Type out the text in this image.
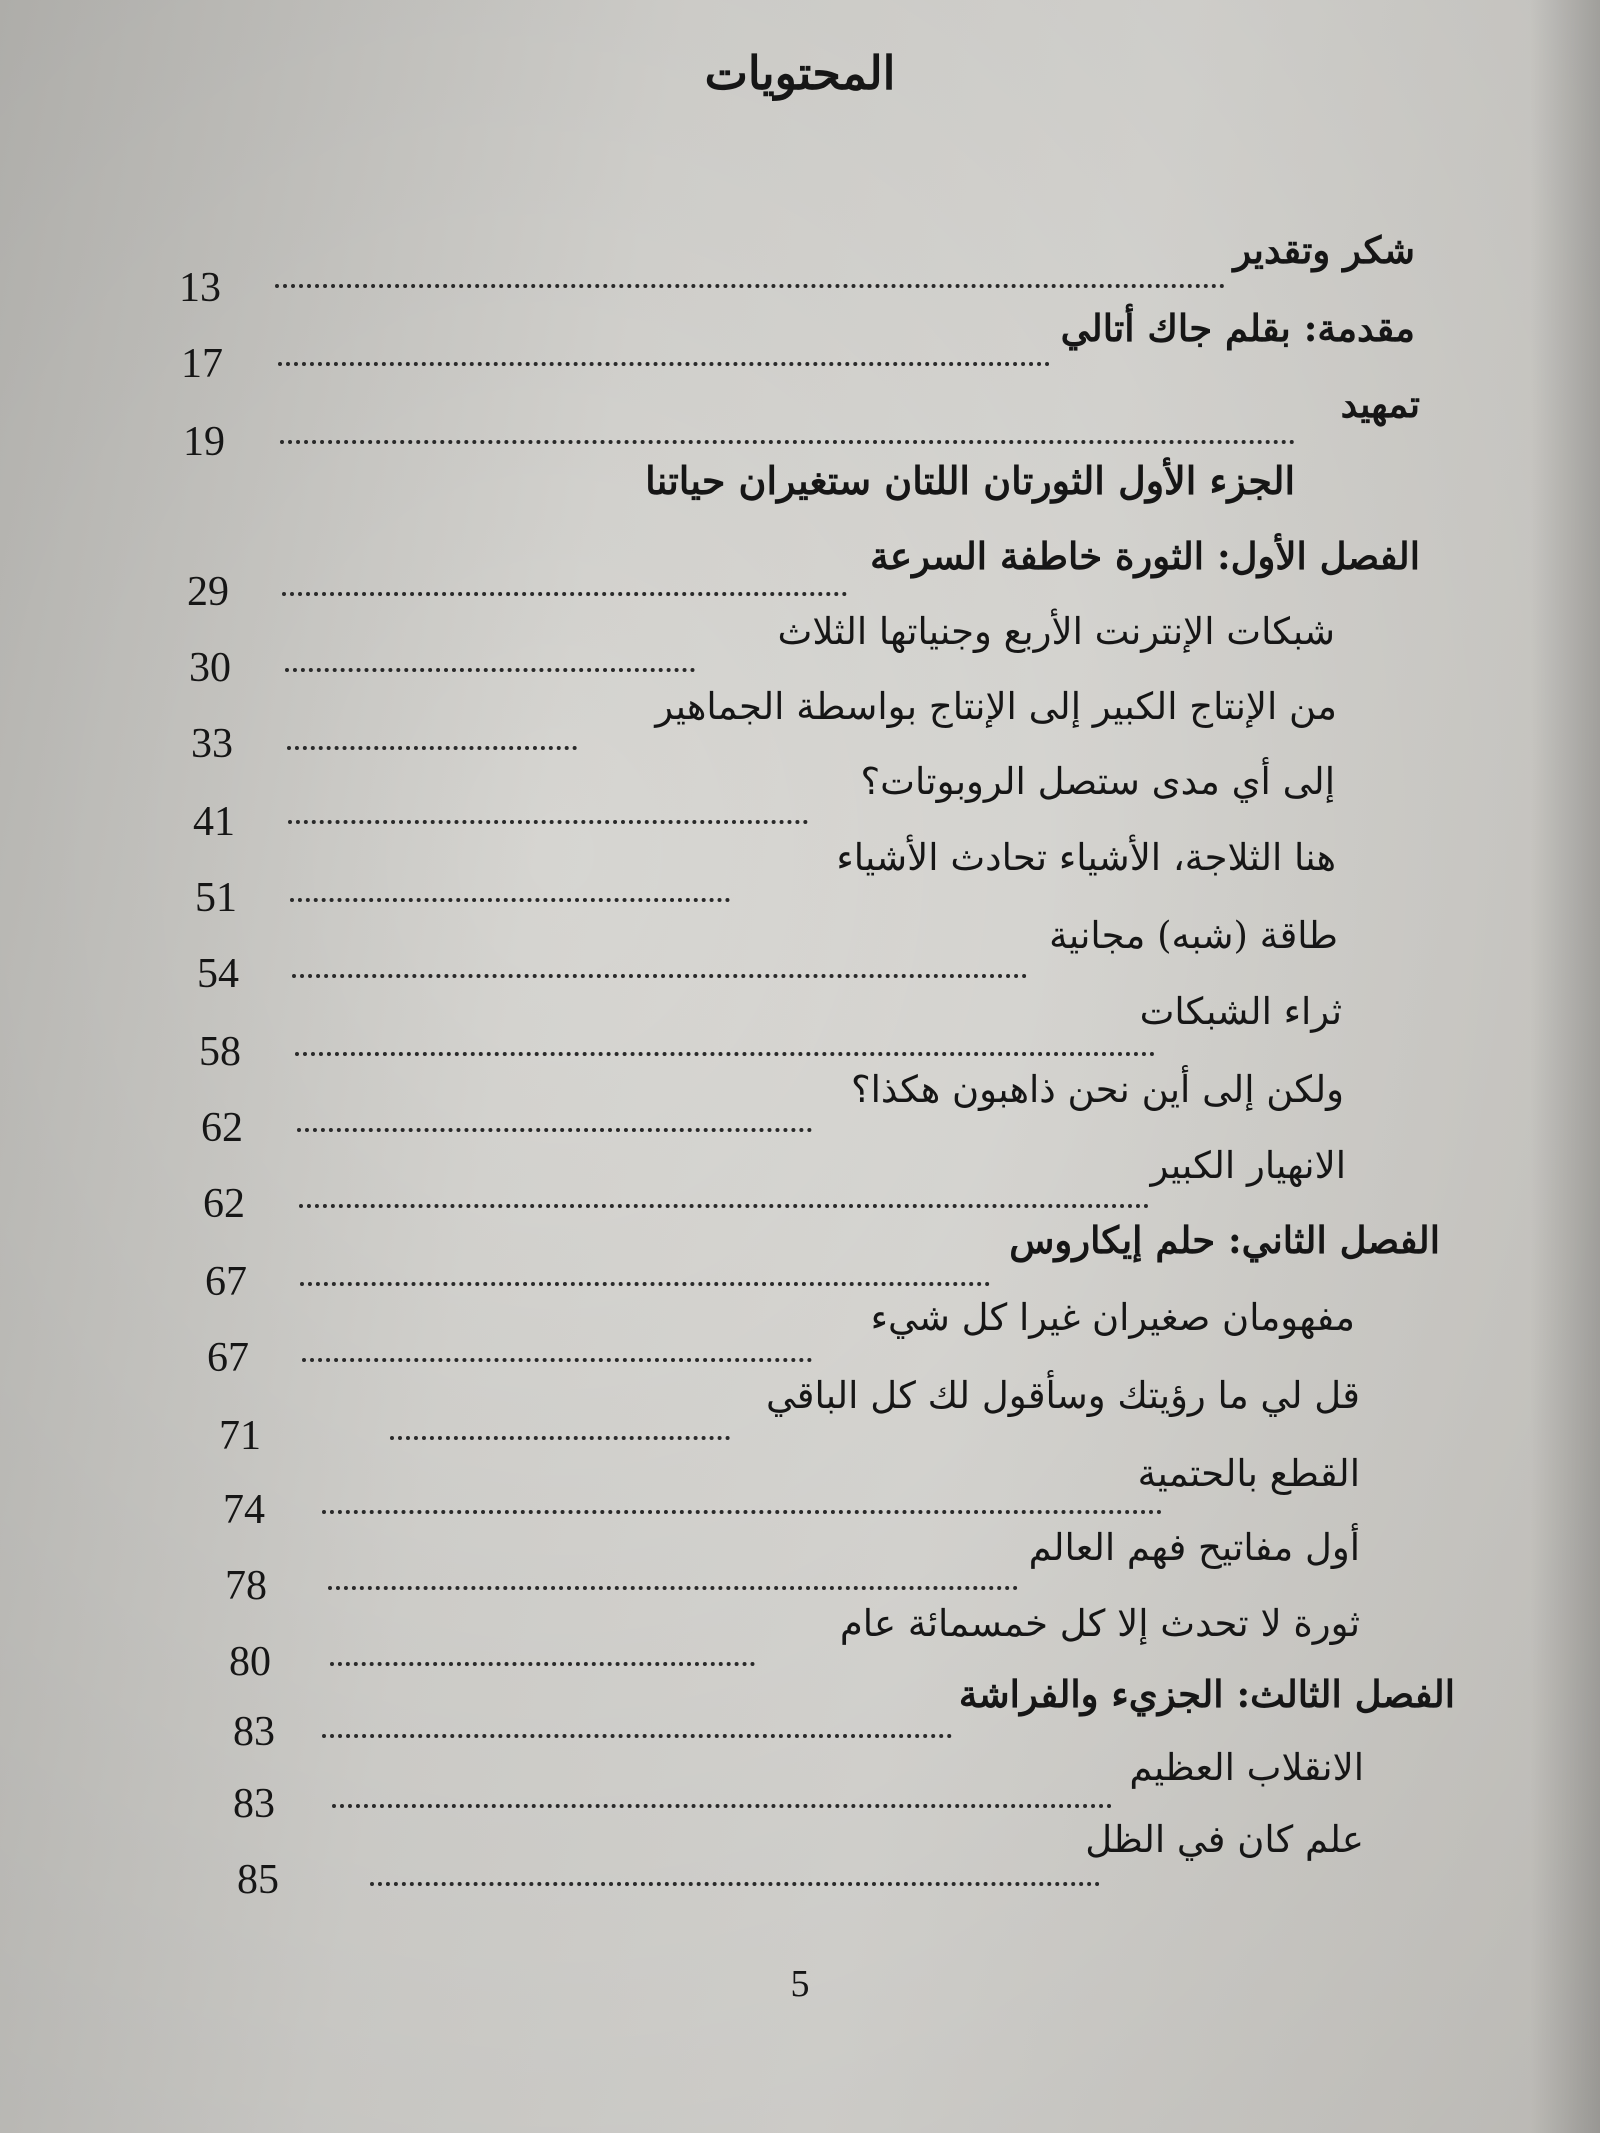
المحتويات
شكر وتقدير
13
مقدمة: بقلم جاك أتالي
17
تمهيد
19
الجزء الأول الثورتان اللتان ستغيران حياتنا
الفصل الأول: الثورة خاطفة السرعة
29
شبكات الإنترنت الأربع وجنياتها الثلاث
30
من الإنتاج الكبير إلى الإنتاج بواسطة الجماهير
33
إلى أي مدى ستصل الروبوتات؟
41
هنا الثلاجة، الأشياء تحادث الأشياء
51
طاقة (شبه) مجانية
54
ثراء الشبكات
58
ولكن إلى أين نحن ذاهبون هكذا؟
62
الانهيار الكبير
62
الفصل الثاني: حلم إيكاروس
67
مفهومان صغيران غيرا كل شيء
67
قل لي ما رؤيتك وسأقول لك كل الباقي
71
القطع بالحتمية
74
أول مفاتيح فهم العالم
78
ثورة لا تحدث إلا كل خمسمائة عام
80
الفصل الثالث: الجزيء والفراشة
83
الانقلاب العظيم
83
علم كان في الظل
85
5
